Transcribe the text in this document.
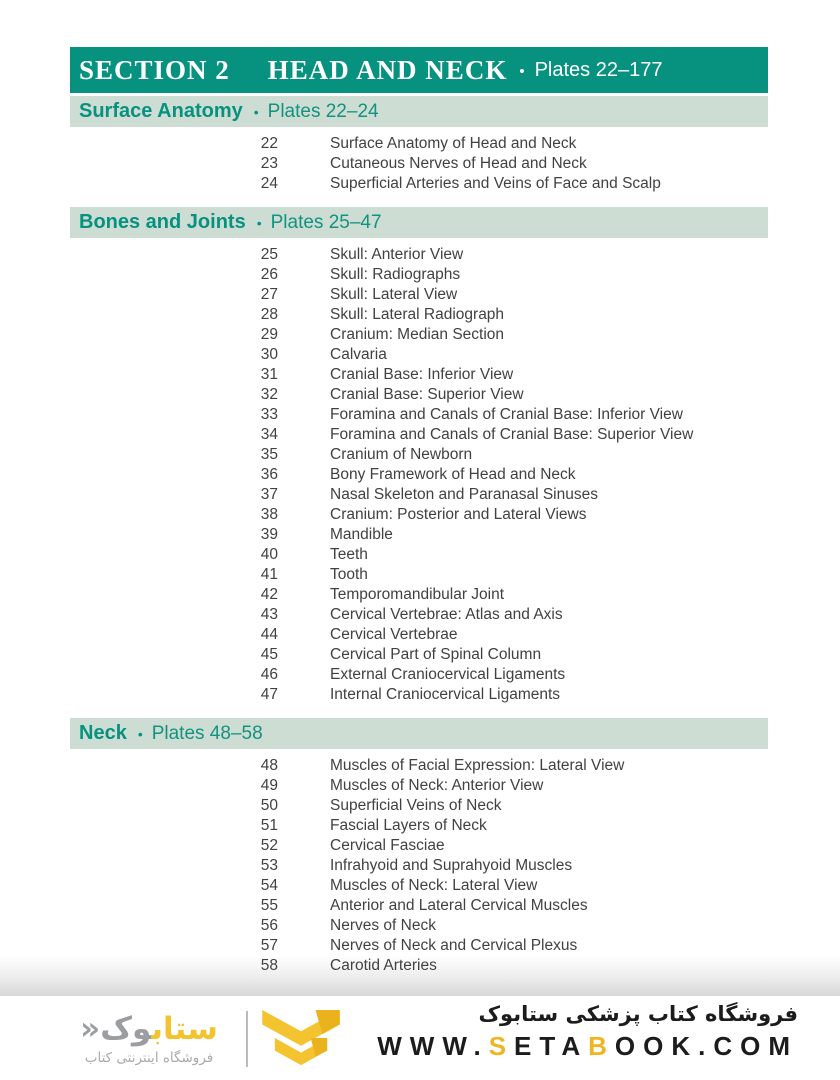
SECTION 2 HEAD AND NECK • Plates 22–177
Surface Anatomy • Plates 22–24
22	Surface Anatomy of Head and Neck
23	Cutaneous Nerves of Head and Neck
24	Superficial Arteries and Veins of Face and Scalp
Bones and Joints • Plates 25–47
25	Skull: Anterior View
26	Skull: Radiographs
27	Skull: Lateral View
28	Skull: Lateral Radiograph
29	Cranium: Median Section
30	Calvaria
31	Cranial Base: Inferior View
32	Cranial Base: Superior View
33	Foramina and Canals of Cranial Base: Inferior View
34	Foramina and Canals of Cranial Base: Superior View
35	Cranium of Newborn
36	Bony Framework of Head and Neck
37	Nasal Skeleton and Paranasal Sinuses
38	Cranium: Posterior and Lateral Views
39	Mandible
40	Teeth
41	Tooth
42	Temporomandibular Joint
43	Cervical Vertebrae: Atlas and Axis
44	Cervical Vertebrae
45	Cervical Part of Spinal Column
46	External Craniocervical Ligaments
47	Internal Craniocervical Ligaments
Neck • Plates 48–58
48	Muscles of Facial Expression: Lateral View
49	Muscles of Neck: Anterior View
50	Superficial Veins of Neck
51	Fascial Layers of Neck
52	Cervical Fasciae
53	Infrahyoid and Suprahyoid Muscles
54	Muscles of Neck: Lateral View
55	Anterior and Lateral Cervical Muscles
56	Nerves of Neck
57	Nerves of Neck and Cervical Plexus
58	Carotid Arteries
ستابوک«
فروشگاه اینترنتی کتاب
فروشگاه کتاب پزشکی ستابوک
WWW.SETABOOK.COM
